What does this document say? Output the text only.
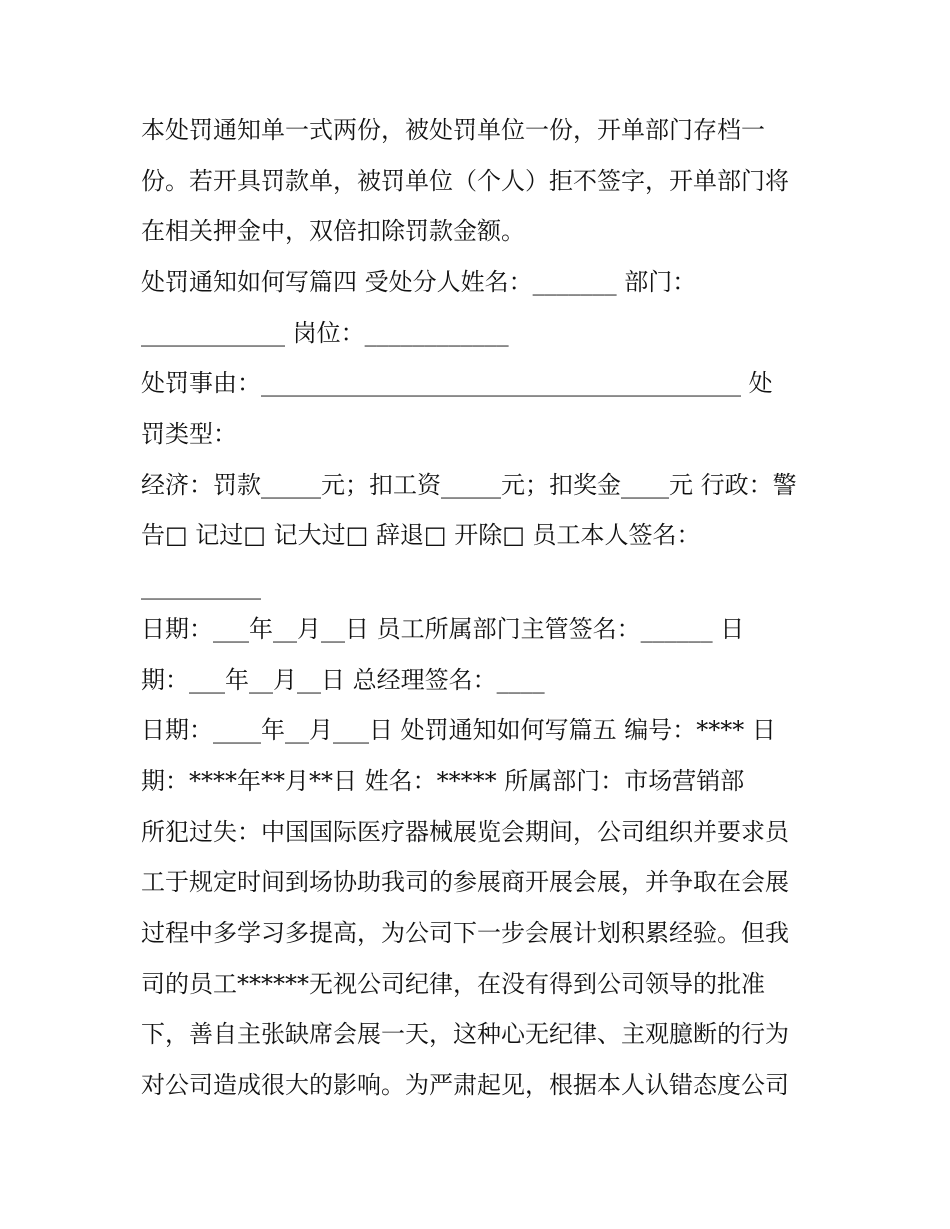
本处罚通知单一式两份，被处罚单位一份，开单部门存档一
份。若开具罚款单，被罚单位（个人）拒不签字，开单部门将
在相关押金中，双倍扣除罚款金额。
处罚通知如何写篇四 受处分人姓名：_______ 部门：
____________ 岗位：____________
处罚事由：________________________________________ 处
罚类型：
经济：罚款_____元；扣工资_____元；扣奖金____元 行政：警
告□ 记过□ 记大过□ 辞退□ 开除□ 员工本人签名：
__________
日期：___年__月__日 员工所属部门主管签名：______ 日
期：___年__月__日 总经理签名：____
日期：____年__月___日 处罚通知如何写篇五 编号：**** 日
期：****年**月**日 姓名：***** 所属部门：市场营销部
所犯过失：中国国际医疗器械展览会期间，公司组织并要求员
工于规定时间到场协助我司的参展商开展会展，并争取在会展
过程中多学习多提高，为公司下一步会展计划积累经验。但我
司的员工******无视公司纪律，在没有得到公司领导的批准
下，善自主张缺席会展一天，这种心无纪律、主观臆断的行为
对公司造成很大的影响。为严肃起见，根据本人认错态度公司
